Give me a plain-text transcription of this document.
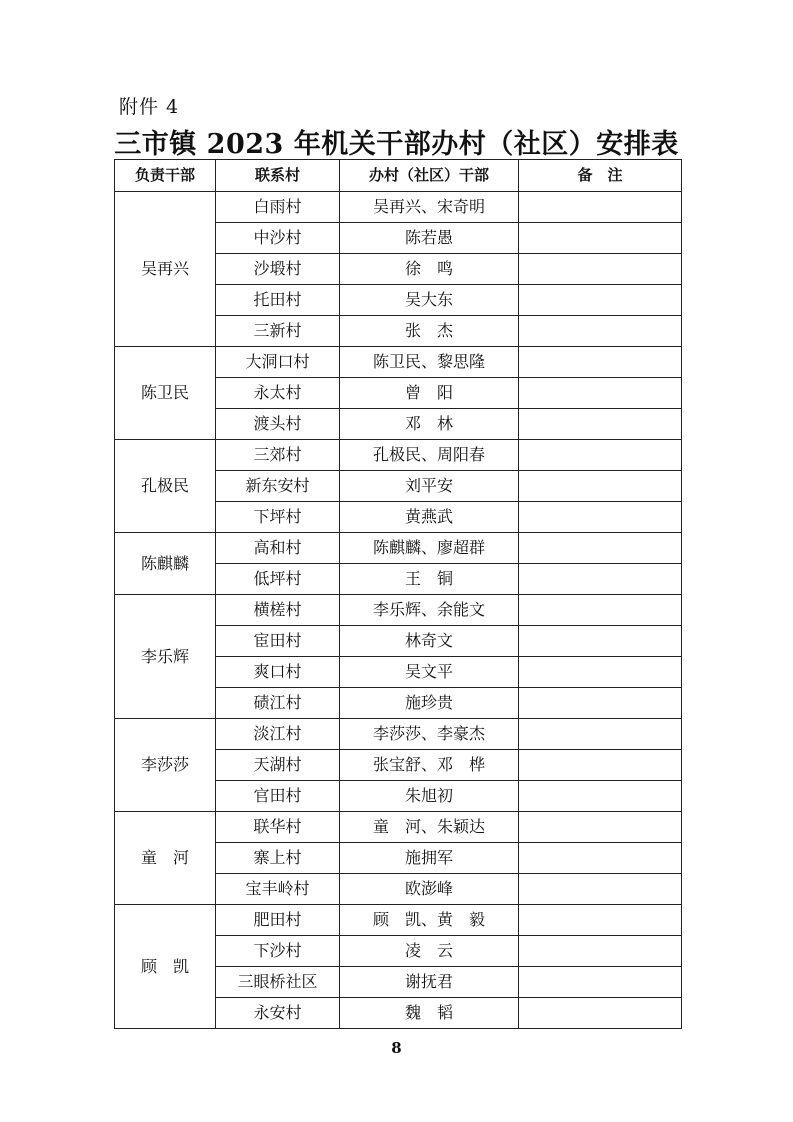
附件 4
三市镇 2023 年机关干部办村（社区）安排表
负责干部	联系村	办村（社区）干部	备　注
吴再兴	白雨村	吴再兴、宋奇明	
	中沙村	陈若愚	
	沙塅村	徐　鸣	
	托田村	吴大东	
	三新村	张　杰	
陈卫民	大洞口村	陈卫民、黎思隆	
	永太村	曾　阳	
	渡头村	邓　林	
孔极民	三郊村	孔极民、周阳春	
	新东安村	刘平安	
	下坪村	黄燕武	
陈麒麟	高和村	陈麒麟、廖超群	
	低坪村	王　铜	
李乐辉	横槎村	李乐辉、余能文	
	宦田村	林奇文	
	爽口村	吴文平	
	碛江村	施珍贵	
李莎莎	淡江村	李莎莎、李豪杰	
	天湖村	张宝舒、邓　桦	
	官田村	朱旭初	
童　河	联华村	童　河、朱颖达	
	寨上村	施拥军	
	宝丰岭村	欧澎峰	
顾　凯	肥田村	顾　凯、黄　毅	
	下沙村	凌　云	
	三眼桥社区	谢抚君	
	永安村	魏　韬	
8
